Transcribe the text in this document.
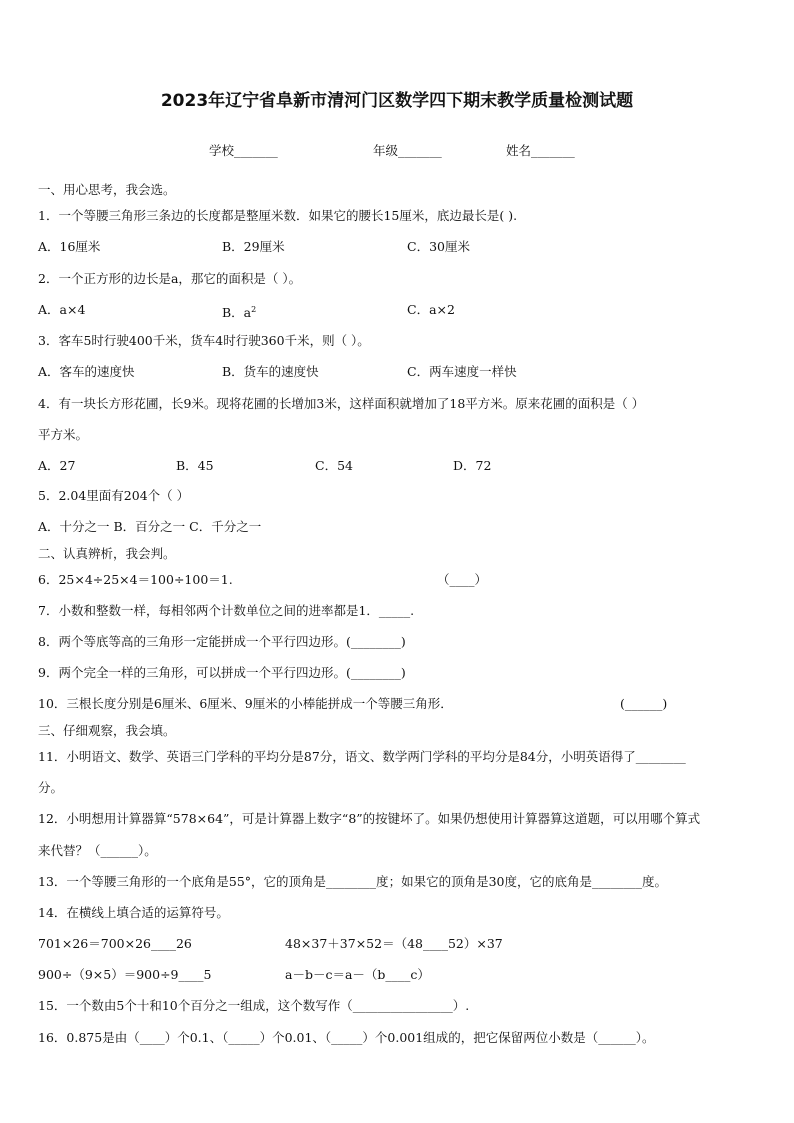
2023年辽宁省阜新市清河门区数学四下期末教学质量检测试题
学校_______	年级_______	姓名_______
一、用心思考，我会选。
1．一个等腰三角形三条边的长度都是整厘米数．如果它的腰长15厘米，底边最长是( ).
A．16厘米	B．29厘米	C．30厘米
2．一个正方形的边长是a，那它的面积是（ ）。
A．a×4	B．$a^2$	C．a×2
3．客车5时行驶400千米，货车4时行驶360千米，则（ ）。
A．客车的速度快	B．货车的速度快	C．两车速度一样快
4．有一块长方形花圃，长9米。现将花圃的长增加3米，这样面积就增加了18平方米。原来花圃的面积是（ ）
平方米。
A．27	B．45	C．54	D．72
5．2.04里面有204个（ ）
A．十分之一 B．百分之一 C．千分之一
二、认真辨析，我会判。
6．25×4÷25×4＝100÷100＝1.	（____）
7．小数和整数一样，每相邻两个计数单位之间的进率都是1．_____.
8．两个等底等高的三角形一定能拼成一个平行四边形。(________)
9．两个完全一样的三角形，可以拼成一个平行四边形。(________)
10．三根长度分别是6厘米、6厘米、9厘米的小棒能拼成一个等腰三角形．	(______)
三、仔细观察，我会填。
11．小明语文、数学、英语三门学科的平均分是87分，语文、数学两门学科的平均分是84分，小明英语得了________
分。
12．小明想用计算器算“578×64”，可是计算器上数字“8”的按键坏了。如果仍想使用计算器算这道题，可以用哪个算式
来代替？（______）。
13．一个等腰三角形的一个底角是55°，它的顶角是________度；如果它的顶角是30度，它的底角是________度。
14．在横线上填合适的运算符号。
701×26＝700×26____26	48×37＋37×52＝（48____52）×37
900÷（9×5）＝900÷9____5	a－b－c＝a－（b____c）
15．一个数由5个十和10个百分之一组成，这个数写作（________________）.
16．0.875是由（____）个0.1、（_____）个0.01、（_____）个0.001组成的，把它保留两位小数是（______）。
